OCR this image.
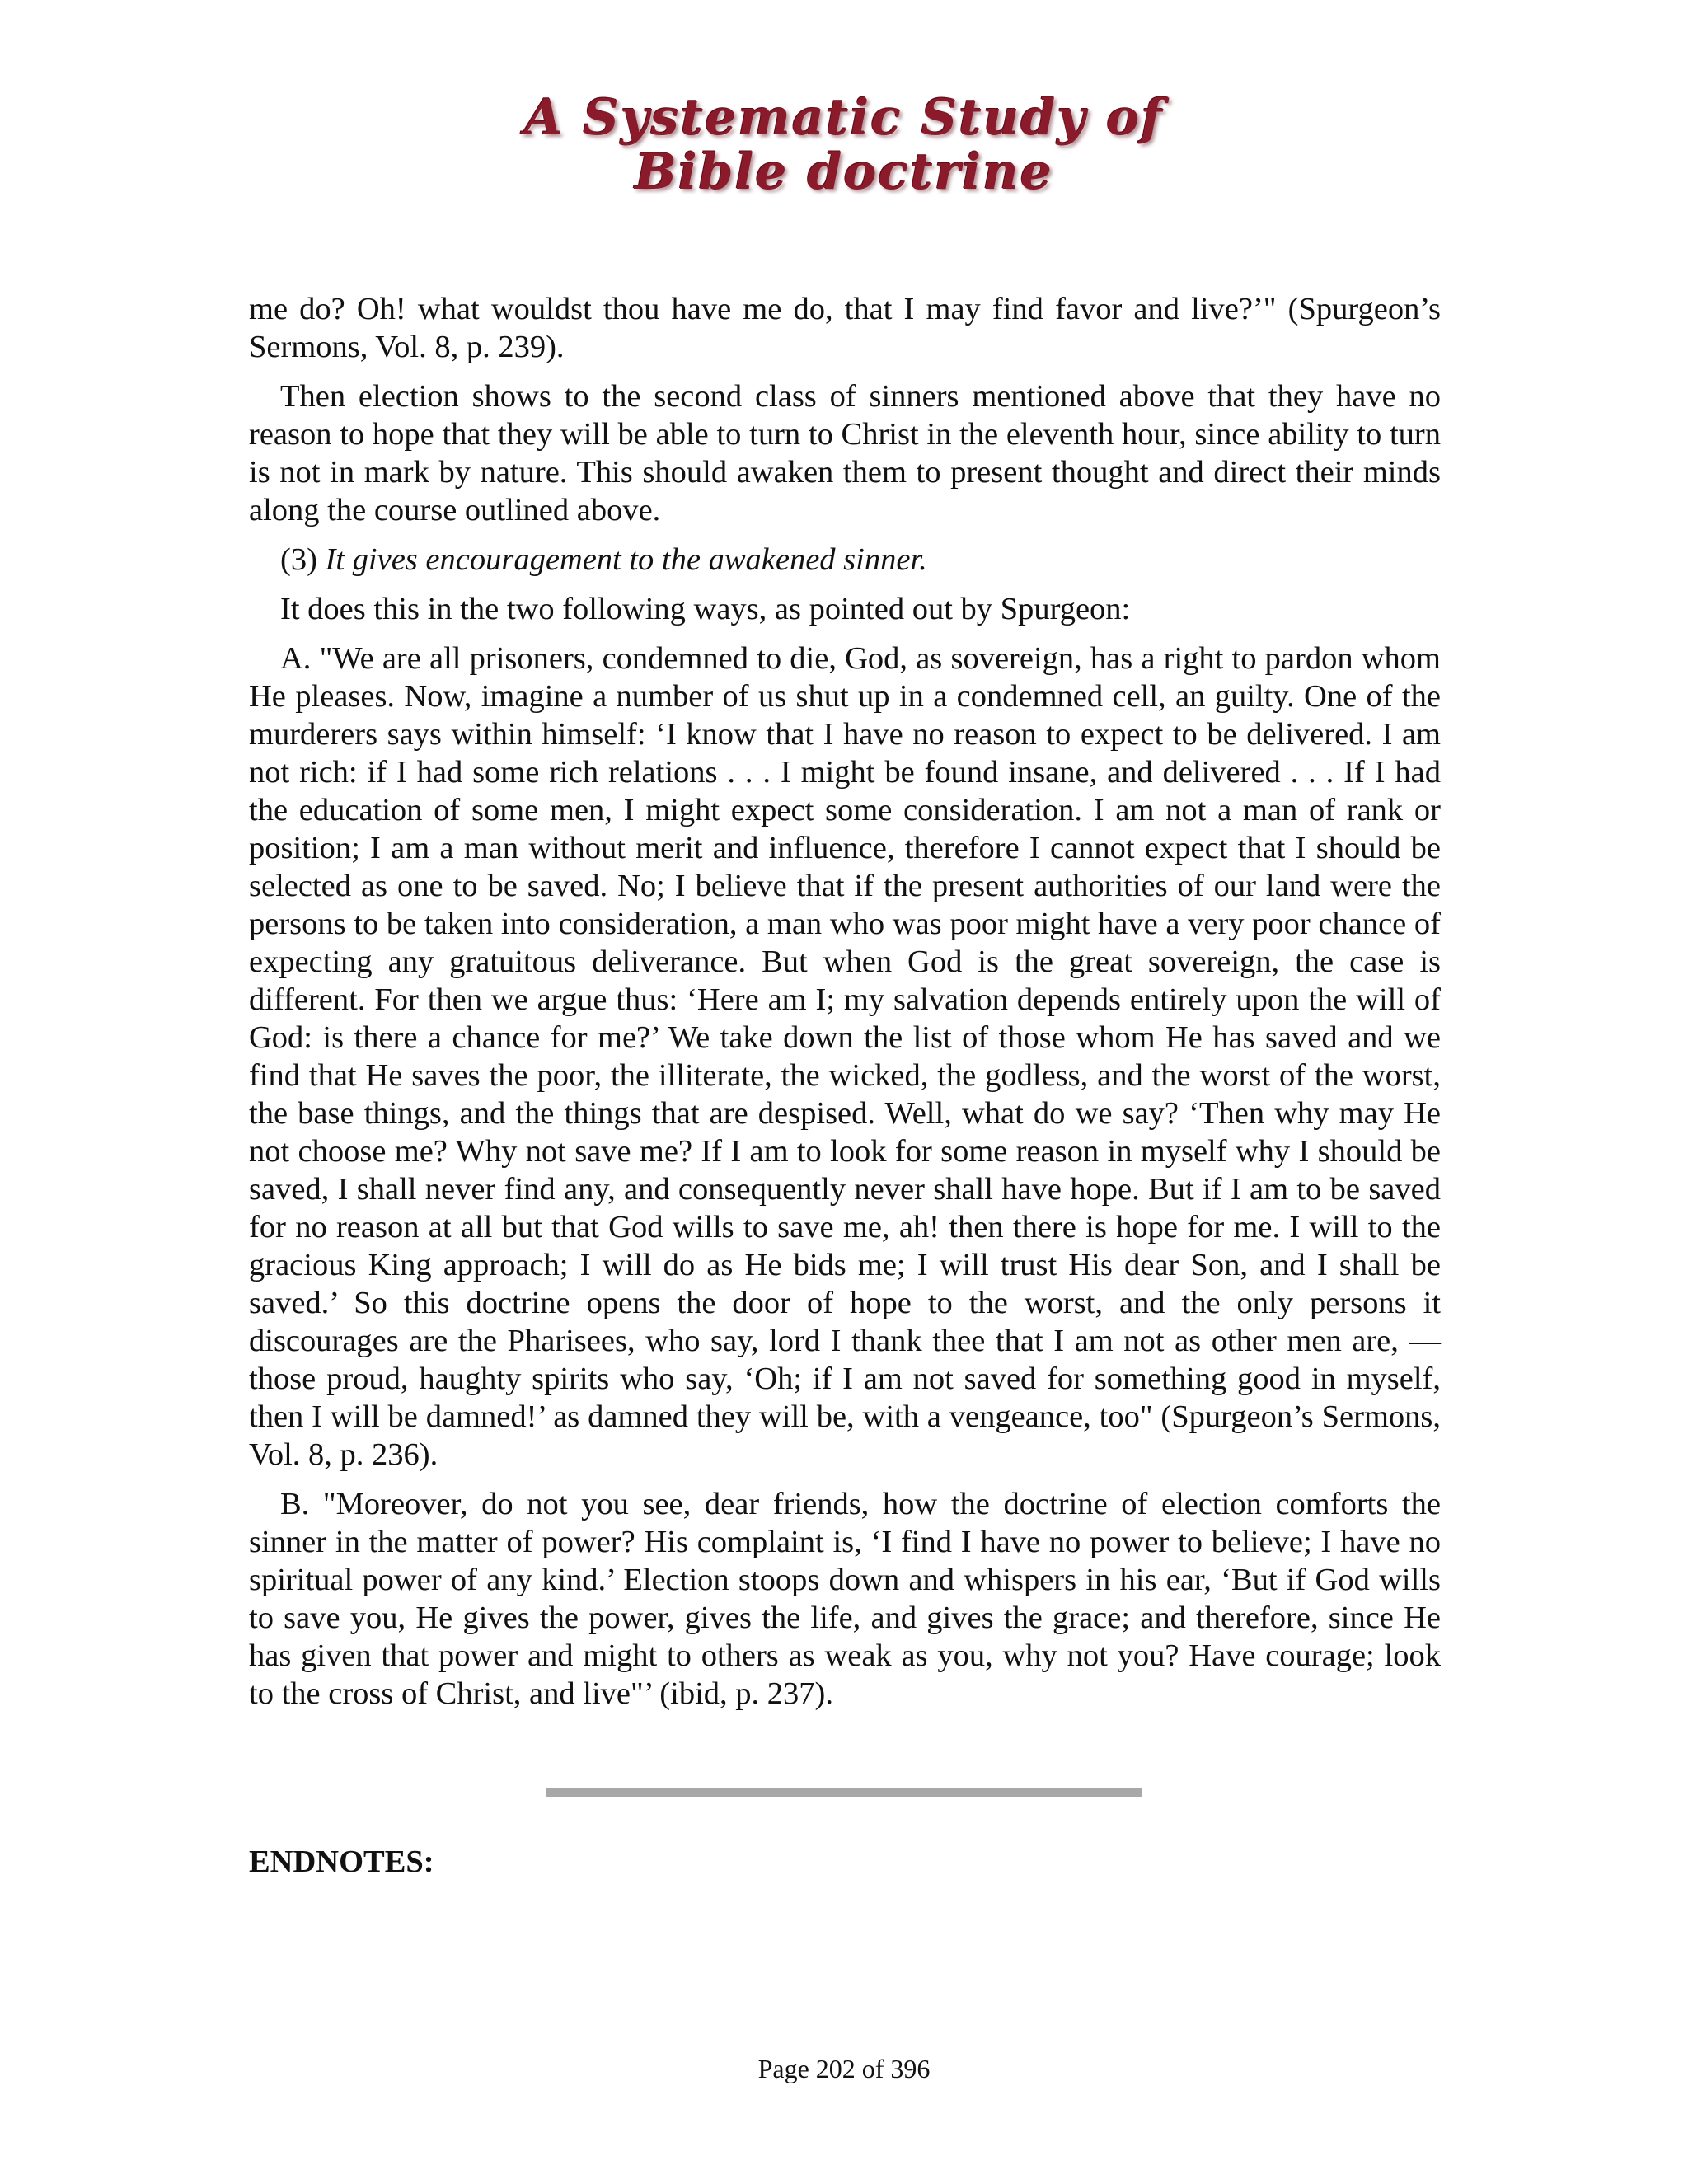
A Systematic Study of
Bible doctrine

me do? Oh! what wouldst thou have me do, that I may find favor and live?’" (Spurgeon’s Sermons, Vol. 8, p. 239).

Then election shows to the second class of sinners mentioned above that they have no reason to hope that they will be able to turn to Christ in the eleventh hour, since ability to turn is not in mark by nature. This should awaken them to present thought and direct their minds along the course outlined above.

(3) It gives encouragement to the awakened sinner.

It does this in the two following ways, as pointed out by Spurgeon:

A. "We are all prisoners, condemned to die, God, as sovereign, has a right to pardon whom He pleases. Now, imagine a number of us shut up in a condemned cell, an guilty. One of the murderers says within himself: ‘I know that I have no reason to expect to be delivered. I am not rich: if I had some rich relations . . . I might be found insane, and delivered . . . If I had the education of some men, I might expect some consideration. I am not a man of rank or position; I am a man without merit and influence, therefore I cannot expect that I should be selected as one to be saved. No; I believe that if the present authorities of our land were the persons to be taken into consideration, a man who was poor might have a very poor chance of expecting any gratuitous deliverance. But when God is the great sovereign, the case is different. For then we argue thus: ‘Here am I; my salvation depends entirely upon the will of God: is there a chance for me?’ We take down the list of those whom He has saved and we find that He saves the poor, the illiterate, the wicked, the godless, and the worst of the worst, the base things, and the things that are despised. Well, what do we say? ‘Then why may He not choose me? Why not save me? If I am to look for some reason in myself why I should be saved, I shall never find any, and consequently never shall have hope. But if I am to be saved for no reason at all but that God wills to save me, ah! then there is hope for me. I will to the gracious King approach; I will do as He bids me; I will trust His dear Son, and I shall be saved.’ So this doctrine opens the door of hope to the worst, and the only persons it discourages are the Pharisees, who say, lord I thank thee that I am not as other men are, —those proud, haughty spirits who say, ‘Oh; if I am not saved for something good in myself, then I will be damned!’ as damned they will be, with a vengeance, too" (Spurgeon’s Sermons, Vol. 8, p. 236).

B. "Moreover, do not you see, dear friends, how the doctrine of election comforts the sinner in the matter of power? His complaint is, ‘I find I have no power to believe; I have no spiritual power of any kind.’ Election stoops down and whispers in his ear, ‘But if God wills to save you, He gives the power, gives the life, and gives the grace; and therefore, since He has given that power and might to others as weak as you, why not you? Have courage; look to the cross of Christ, and live"’ (ibid, p. 237).

ENDNOTES:
Page 202 of 396
